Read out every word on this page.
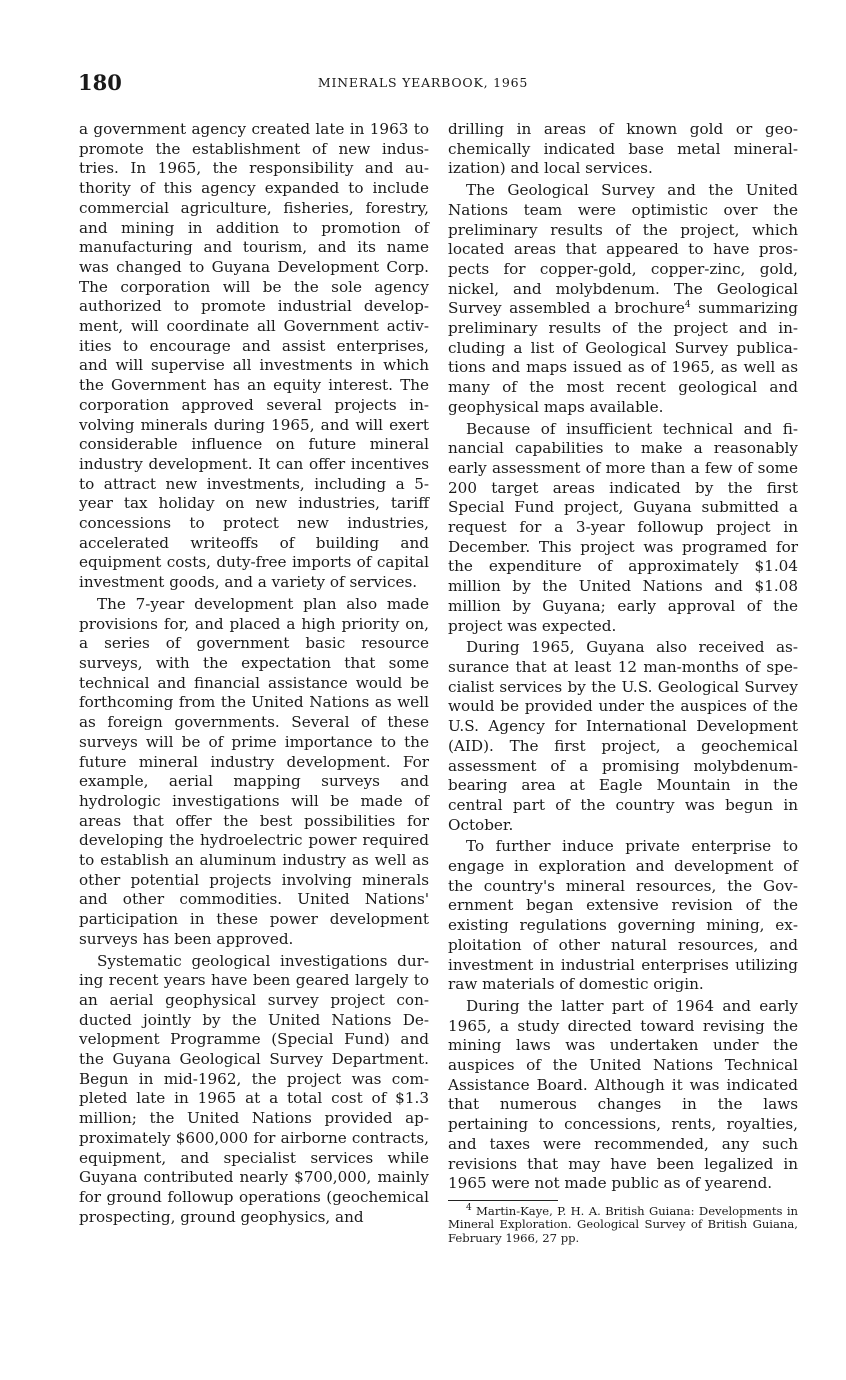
180	MINERALS YEARBOOK, 1965

a government agency created late in 1963 to promote the establishment of new industries. In 1965, the responsibility and authority of this agency expanded to include commercial agriculture, fisheries, forestry, and mining in addition to promotion of manufacturing and tourism, and its name was changed to Guyana Development Corp. The corporation will be the sole agency authorized to promote industrial development, will coordinate all Government activities to encourage and assist enterprises, and will supervise all investments in which the Government has an equity interest. The corporation approved several projects involving minerals during 1965, and will exert considerable influence on future mineral industry development. It can offer incentives to attract new investments, including a 5-year tax holiday on new industries, tariff concessions to protect new industries, accelerated writeoffs of building and equipment costs, duty-free imports of capital investment goods, and a variety of services.

The 7-year development plan also made provisions for, and placed a high priority on, a series of government basic resource surveys, with the expectation that some technical and financial assistance would be forthcoming from the United Nations as well as foreign governments. Several of these surveys will be of prime importance to the future mineral industry development. For example, aerial mapping surveys and hydrologic investigations will be made of areas that offer the best possibilities for developing the hydroelectric power required to establish an aluminum industry as well as other potential projects involving minerals and other commodities. United Nations' participation in these power development surveys has been approved.

Systematic geological investigations during recent years have been geared largely to an aerial geophysical survey project conducted jointly by the United Nations Development Programme (Special Fund) and the Guyana Geological Survey Department. Begun in mid-1962, the project was completed late in 1965 at a total cost of $1.3 million; the United Nations provided approximately $600,000 for airborne contracts, equipment, and specialist services while Guyana contributed nearly $700,000, mainly for ground followup operations (geochemical prospecting, ground geophysics, and

drilling in areas of known gold or geochemically indicated base metal mineralization) and local services.

The Geological Survey and the United Nations team were optimistic over the preliminary results of the project, which located areas that appeared to have prospects for copper-gold, copper-zinc, gold, nickel, and molybdenum. The Geological Survey assembled a brochure$^4$ summarizing preliminary results of the project and including a list of Geological Survey publications and maps issued as of 1965, as well as many of the most recent geological and geophysical maps available.

Because of insufficient technical and financial capabilities to make a reasonably early assessment of more than a few of some 200 target areas indicated by the first Special Fund project, Guyana submitted a request for a 3-year followup project in December. This project was programed for the expenditure of approximately $1.04 million by the United Nations and $1.08 million by Guyana; early approval of the project was expected.

During 1965, Guyana also received assurance that at least 12 man-months of specialist services by the U.S. Geological Survey would be provided under the auspices of the U.S. Agency for International Development (AID). The first project, a geochemical assessment of a promising molybdenum-bearing area at Eagle Mountain in the central part of the country was begun in October.

To further induce private enterprise to engage in exploration and development of the country's mineral resources, the Government began extensive revision of the existing regulations governing mining, exploitation of other natural resources, and investment in industrial enterprises utilizing raw materials of domestic origin.

During the latter part of 1964 and early 1965, a study directed toward revising the mining laws was undertaken under the auspices of the United Nations Technical Assistance Board. Although it was indicated that numerous changes in the laws pertaining to concessions, rents, royalties, and taxes were recommended, any such revisions that may have been legalized in 1965 were not made public as of yearend.

$^4$ Martin-Kaye, P. H. A. British Guiana: Developments in Mineral Exploration. Geological Survey of British Guiana, February 1966, 27 pp.
